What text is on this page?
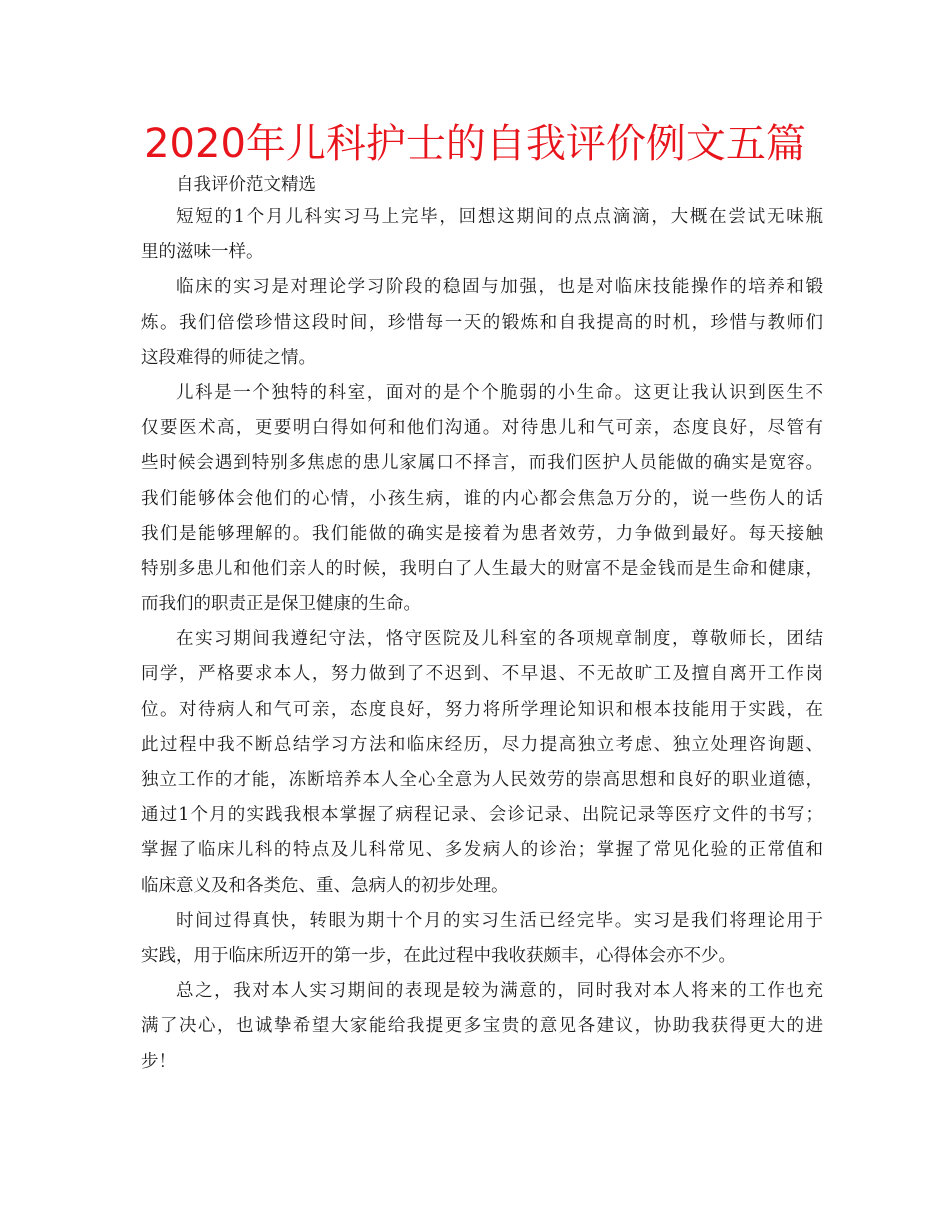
2020年儿科护士的自我评价例文五篇

自我评价范文精选

短短的1个月儿科实习马上完毕，回想这期间的点点滴滴，大概在尝试无味瓶
里的滋味一样。
临床的实习是对理论学习阶段的稳固与加强，也是对临床技能操作的培养和锻
炼。我们倍偿珍惜这段时间，珍惜每一天的锻炼和自我提高的时机，珍惜与教师们
这段难得的师徒之情。
儿科是一个独特的科室，面对的是个个脆弱的小生命。这更让我认识到医生不
仅要医术高，更要明白得如何和他们沟通。对待患儿和气可亲，态度良好，尽管有
些时候会遇到特别多焦虑的患儿家属口不择言，而我们医护人员能做的确实是宽容。
我们能够体会他们的心情，小孩生病，谁的内心都会焦急万分的，说一些伤人的话
我们是能够理解的。我们能做的确实是接着为患者效劳，力争做到最好。每天接触
特别多患儿和他们亲人的时候，我明白了人生最大的财富不是金钱而是生命和健康，
而我们的职责正是保卫健康的生命。
在实习期间我遵纪守法，恪守医院及儿科室的各项规章制度，尊敬师长，团结
同学，严格要求本人，努力做到了不迟到、不早退、不无故旷工及擅自离开工作岗
位。对待病人和气可亲，态度良好，努力将所学理论知识和根本技能用于实践，在
此过程中我不断总结学习方法和临床经历，尽力提高独立考虑、独立处理咨询题、
独立工作的才能，冻断培养本人全心全意为人民效劳的崇高思想和良好的职业道德，
通过1个月的实践我根本掌握了病程记录、会诊记录、出院记录等医疗文件的书写；
掌握了临床儿科的特点及儿科常见、多发病人的诊治；掌握了常见化验的正常值和
临床意义及和各类危、重、急病人的初步处理。
时间过得真快，转眼为期十个月的实习生活已经完毕。实习是我们将理论用于
实践，用于临床所迈开的第一步，在此过程中我收获颇丰，心得体会亦不少。
总之，我对本人实习期间的表现是较为满意的，同时我对本人将来的工作也充
满了决心，也诚挚希望大家能给我提更多宝贵的意见各建议，协助我获得更大的进
步！
